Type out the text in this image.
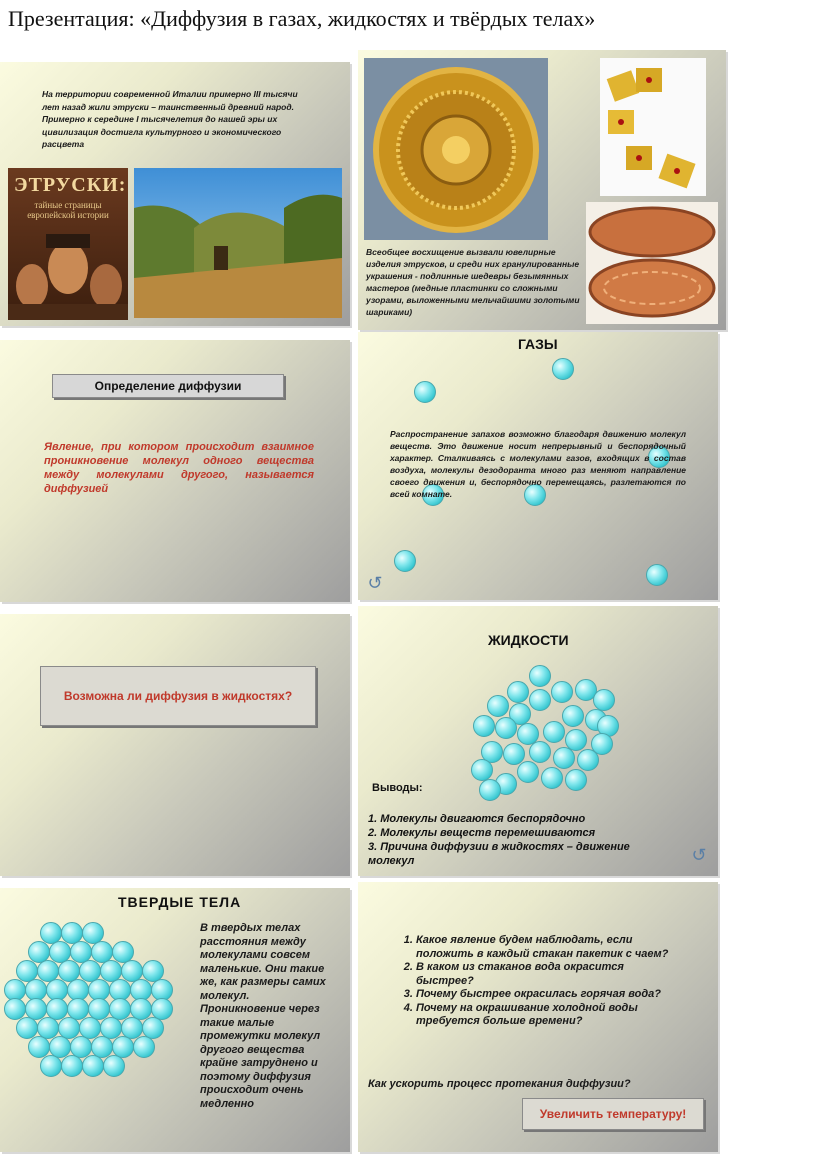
Презентация: «Диффузия в газах, жидкостях и твёрдых телах»
На территории современной Италии примерно III тысячи лет назад жили этруски – таинственный древний народ. Примерно к середине I тысячелетия до нашей эры их цивилизация достигла культурного и экономического расцвета
ЭТРУСКИ:
тайные страницы европейской истории
Всеобщее восхищение вызвали ювелирные изделия этрусков, и среди них гранулированные украшения - подлинные шедевры безымянных мастеров (медные пластинки со сложными узорами, выложенными мельчайшими золотыми шариками)
Определение диффузии
Явление, при котором происходит взаимное проникновение молекул одного вещества между молекулами другого, называется диффузией
ГАЗЫ
Распространение запахов возможно благодаря движению молекул веществ. Это движение носит непрерывный и беспорядочный характер. Сталкиваясь с молекулами газов, входящих в состав воздуха, молекулы дезодоранта много раз меняют направление своего движения и, беспорядочно перемещаясь, разлетаются по всей комнате.
↺
Возможна ли диффузия в жидкостях?
ЖИДКОСТИ
Выводы:
1. Молекулы двигаются беспорядочно
2. Молекулы веществ перемешиваются
3. Причина диффузии в жидкостях – движение молекул	↺
ТВЕРДЫЕ ТЕЛА
В твердых телах расстояния между молекулами совсем маленькие. Они такие же, как размеры самих молекул. Проникновение через такие малые промежутки молекул другого вещества крайне затруднено и поэтому диффузия происходит очень медленно
1. Какое явление будем наблюдать, если положить в каждый стакан пакетик с чаем?
2. В каком из стаканов вода окрасится быстрее?
3. Почему быстрее окрасилась горячая вода?
4. Почему на окрашивание холодной воды требуется больше времени?
Как ускорить процесс протекания диффузии?
Увеличить температуру!
